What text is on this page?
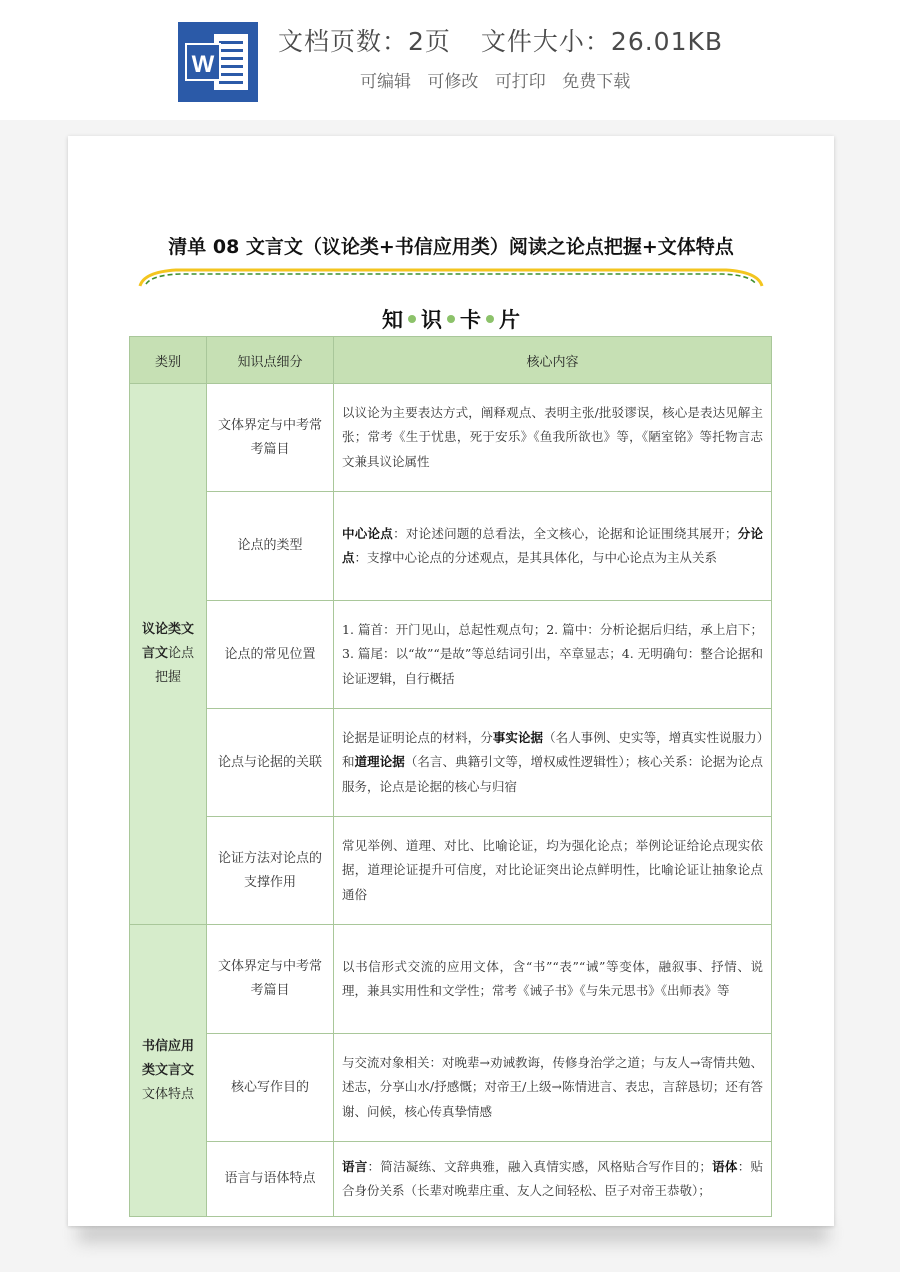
W
文档页数：2页 文件大小：26.01KB
可编辑 可修改 可打印 免费下载
清单 08 文言文（议论类+书信应用类）阅读之论点把握+文体特点
知 识 卡 片
类别	知识点细分	核心内容
议论类文言文论点把握	文体界定与中考常考篇目	以议论为主要表达方式，阐释观点、表明主张/批驳谬误，核心是表达见解主张；常考《生于忧患，死于安乐》《鱼我所欲也》等，《陋室铭》等托物言志文兼具议论属性
	论点的类型	中心论点：对论述问题的总看法，全文核心，论据和论证围绕其展开；分论点：支撑中心论点的分述观点，是其具体化，与中心论点为主从关系
	论点的常见位置	1. 篇首：开门见山，总起性观点句；2. 篇中：分析论据后归结，承上启下；3. 篇尾：以“故”“是故”等总结词引出，卒章显志；4. 无明确句：整合论据和论证逻辑，自行概括
	论点与论据的关联	论据是证明论点的材料，分事实论据（名人事例、史实等，增真实性说服力）和道理论据（名言、典籍引文等，增权威性逻辑性）；核心关系：论据为论点服务，论点是论据的核心与归宿
	论证方法对论点的支撑作用	常见举例、道理、对比、比喻论证，均为强化论点；举例论证给论点现实依据，道理论证提升可信度，对比论证突出论点鲜明性，比喻论证让抽象论点通俗
书信应用类文言文文体特点	文体界定与中考常考篇目	以书信形式交流的应用文体，含“书”“表”“诫”等变体，融叙事、抒情、说理，兼具实用性和文学性；常考《诫子书》《与朱元思书》《出师表》等
	核心写作目的	与交流对象相关：对晚辈→劝诫教诲，传修身治学之道；与友人→寄情共勉、述志，分享山水/抒感慨；对帝王/上级→陈情进言、表忠，言辞恳切；还有答谢、问候，核心传真挚情感
	语言与语体特点	语言：简洁凝练、文辞典雅，融入真情实感，风格贴合写作目的；语体：贴合身份关系（长辈对晚辈庄重、友人之间轻松、臣子对帝王恭敬）；
